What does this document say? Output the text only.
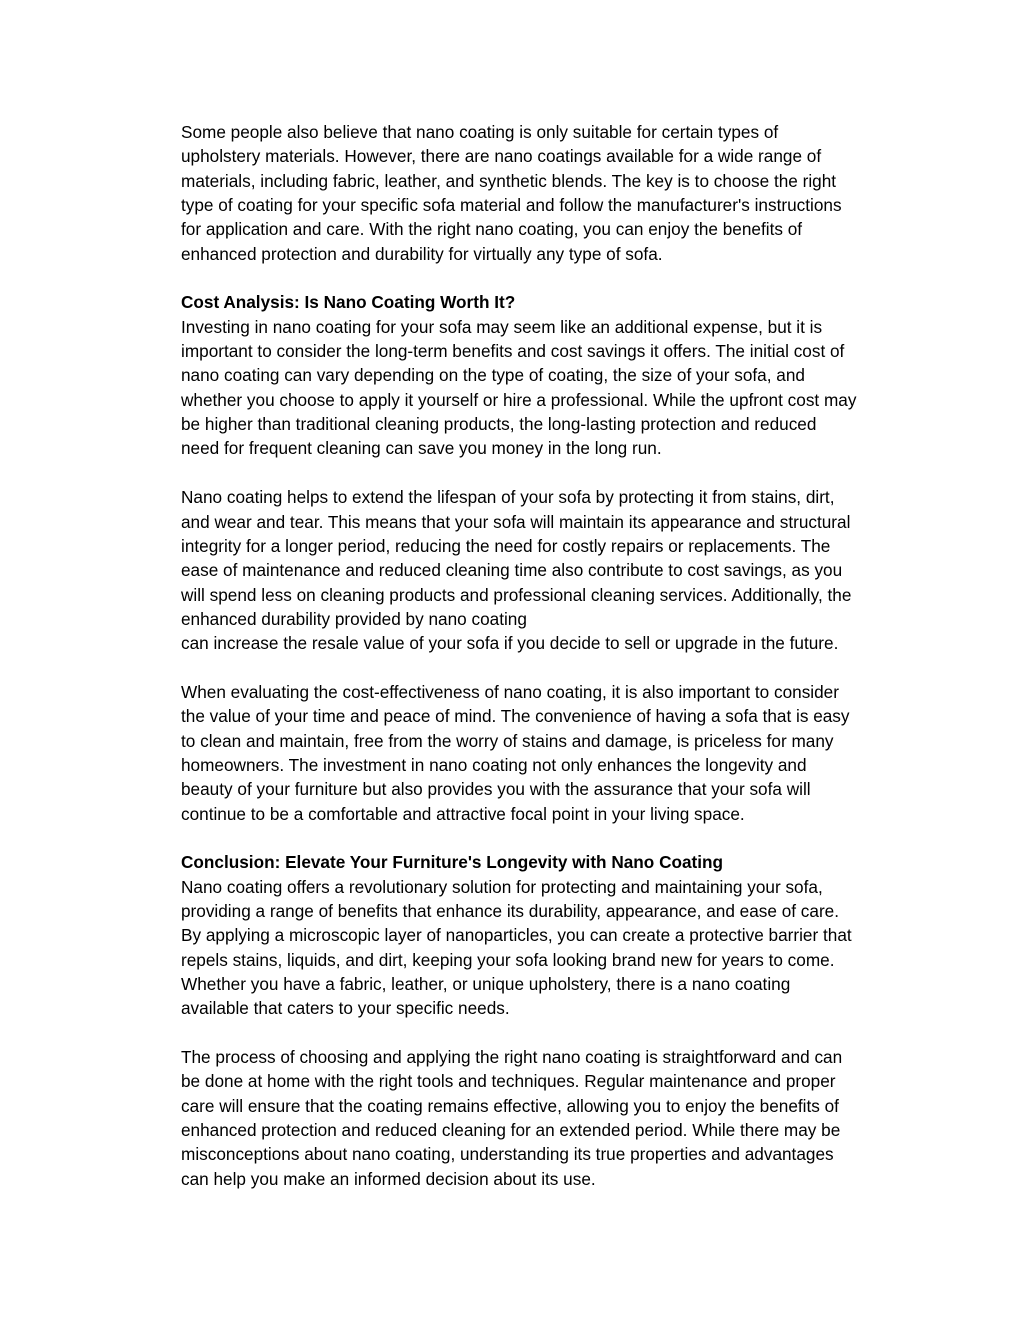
Some people also believe that nano coating is only suitable for certain types of
upholstery materials. However, there are nano coatings available for a wide range of
materials, including fabric, leather, and synthetic blends. The key is to choose the right
type of coating for your specific sofa material and follow the manufacturer's instructions
for application and care. With the right nano coating, you can enjoy the benefits of
enhanced protection and durability for virtually any type of sofa.

Cost Analysis: Is Nano Coating Worth It?

Investing in nano coating for your sofa may seem like an additional expense, but it is
important to consider the long-term benefits and cost savings it offers. The initial cost of
nano coating can vary depending on the type of coating, the size of your sofa, and
whether you choose to apply it yourself or hire a professional. While the upfront cost may
be higher than traditional cleaning products, the long-lasting protection and reduced
need for frequent cleaning can save you money in the long run.

Nano coating helps to extend the lifespan of your sofa by protecting it from stains, dirt,
and wear and tear. This means that your sofa will maintain its appearance and structural
integrity for a longer period, reducing the need for costly repairs or replacements. The
ease of maintenance and reduced cleaning time also contribute to cost savings, as you
will spend less on cleaning products and professional cleaning services. Additionally, the
enhanced durability provided by nano coating
can increase the resale value of your sofa if you decide to sell or upgrade in the future.

When evaluating the cost-effectiveness of nano coating, it is also important to consider
the value of your time and peace of mind. The convenience of having a sofa that is easy
to clean and maintain, free from the worry of stains and damage, is priceless for many
homeowners. The investment in nano coating not only enhances the longevity and
beauty of your furniture but also provides you with the assurance that your sofa will
continue to be a comfortable and attractive focal point in your living space.

Conclusion: Elevate Your Furniture's Longevity with Nano Coating

Nano coating offers a revolutionary solution for protecting and maintaining your sofa,
providing a range of benefits that enhance its durability, appearance, and ease of care.
By applying a microscopic layer of nanoparticles, you can create a protective barrier that
repels stains, liquids, and dirt, keeping your sofa looking brand new for years to come.
Whether you have a fabric, leather, or unique upholstery, there is a nano coating
available that caters to your specific needs.

The process of choosing and applying the right nano coating is straightforward and can
be done at home with the right tools and techniques. Regular maintenance and proper
care will ensure that the coating remains effective, allowing you to enjoy the benefits of
enhanced protection and reduced cleaning for an extended period. While there may be
misconceptions about nano coating, understanding its true properties and advantages
can help you make an informed decision about its use.
